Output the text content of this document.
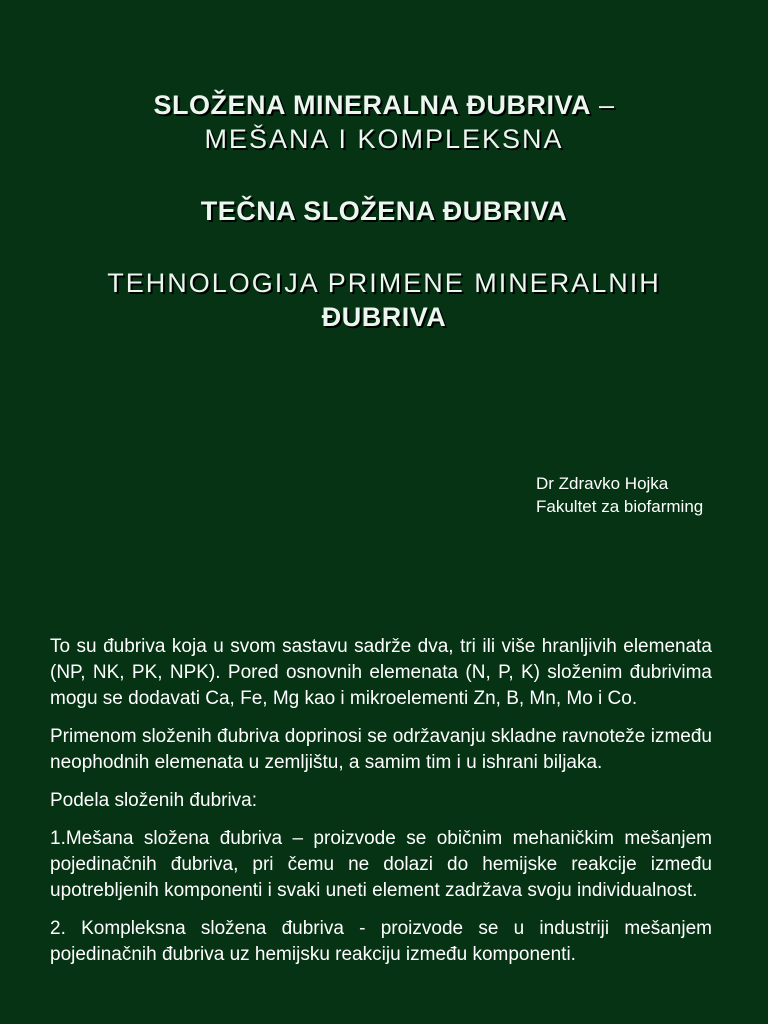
SLOŽENA MINERALNA ĐUBRIVA –
MEŠANA I KOMPLEKSNA
TEČNA SLOŽENA ĐUBRIVA
TEHNOLOGIJA PRIMENE MINERALNIH
ĐUBRIVA
Dr Zdravko Hojka
Fakultet za biofarming

To su đubriva koja u svom sastavu sadrže dva, tri ili više hranljivih elemenata (NP, NK, PK, NPK). Pored osnovnih elemenata (N, P, K) složenim đubrivima mogu se dodavati Ca, Fe, Mg kao i mikroelementi Zn, B, Mn, Mo i Co.

Primenom složenih đubriva doprinosi se održavanju skladne ravnoteže između neophodnih elemenata u zemljištu, a samim tim i u ishrani biljaka.

Podela složenih đubriva:

1.Mešana složena đubriva – proizvode se običnim mehaničkim mešanjem pojedinačnih đubriva, pri čemu ne dolazi do hemijske reakcije između upotrebljenih komponenti i svaki uneti element zadržava svoju individualnost.

2. Kompleksna složena đubriva - proizvode se u industriji mešanjem pojedinačnih đubriva uz hemijsku reakciju između komponenti.
